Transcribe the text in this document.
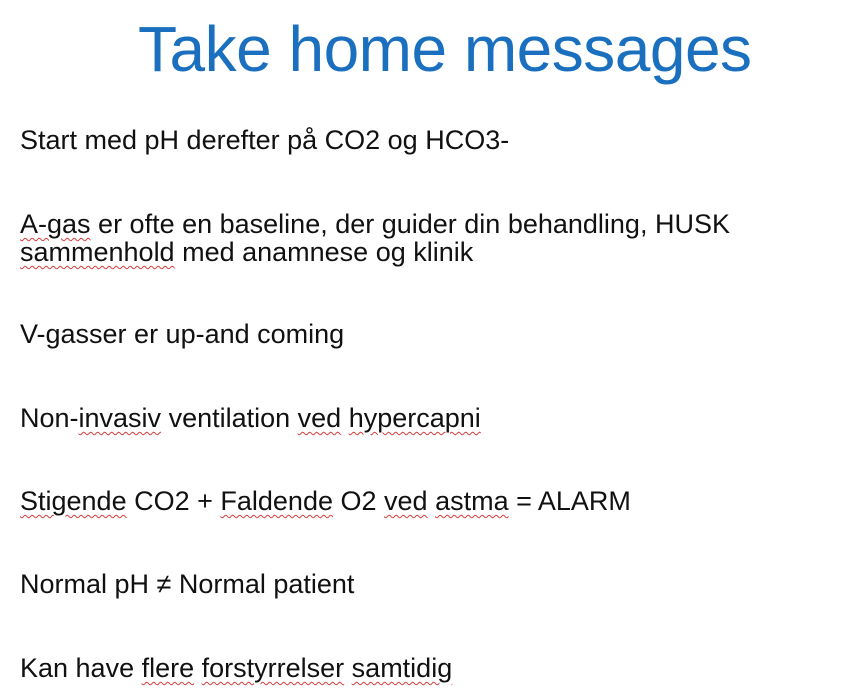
Take home messages
Start med pH derefter på CO2 og HCO3-
A-gas er ofte en baseline, der guider din behandling, HUSK
sammenhold med anamnese og klinik
V-gasser er up-and coming
Non-invasiv ventilation ved hypercapni
Stigende CO2 + Faldende O2 ved astma = ALARM
Normal pH ≠ Normal patient
Kan have flere forstyrrelser samtidig
